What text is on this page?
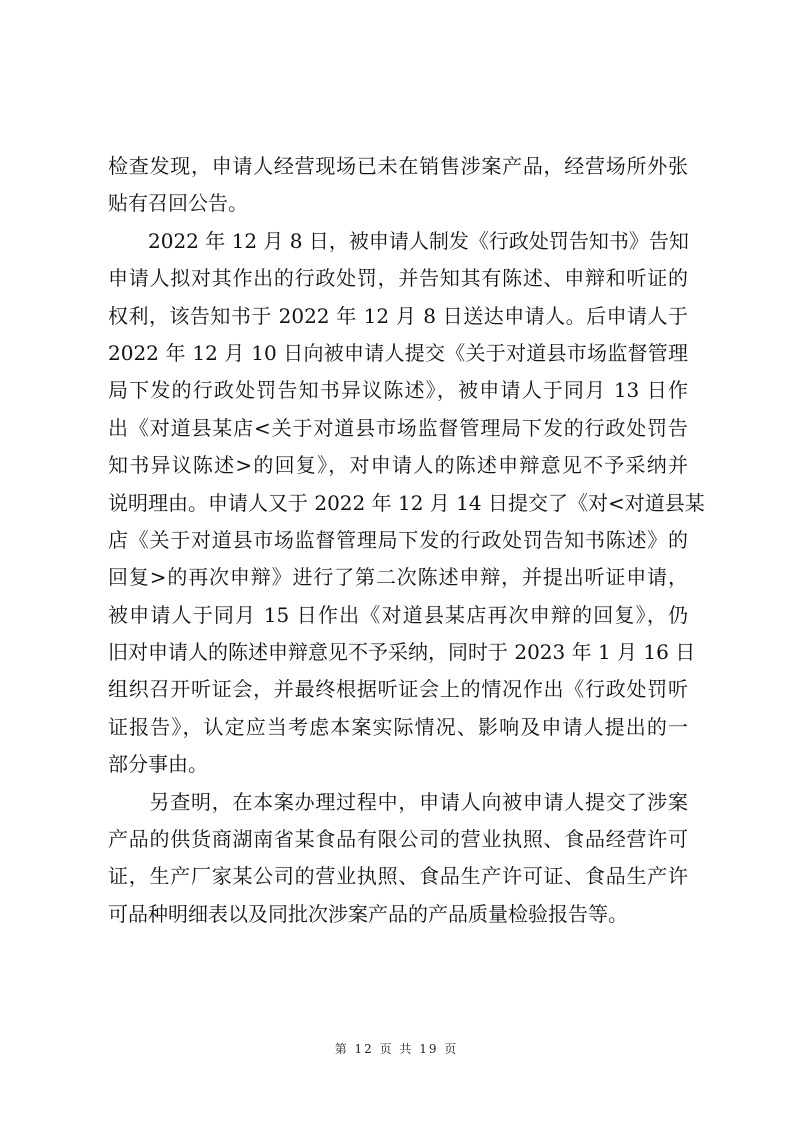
检查发现，申请人经营现场已未在销售涉案产品，经营场所外张
贴有召回公告。
　　2022 年 12 月 8 日，被申请人制发《行政处罚告知书》告知
申请人拟对其作出的行政处罚，并告知其有陈述、申辩和听证的
权利，该告知书于 2022 年 12 月 8 日送达申请人。后申请人于
2022 年 12 月 10 日向被申请人提交《关于对道县市场监督管理
局下发的行政处罚告知书异议陈述》，被申请人于同月 13 日作
出《对道县某店<关于对道县市场监督管理局下发的行政处罚告
知书异议陈述>的回复》，对申请人的陈述申辩意见不予采纳并
说明理由。申请人又于 2022 年 12 月 14 日提交了《对<对道县某
店《关于对道县市场监督管理局下发的行政处罚告知书陈述》的
回复>的再次申辩》进行了第二次陈述申辩，并提出听证申请，
被申请人于同月 15 日作出《对道县某店再次申辩的回复》，仍
旧对申请人的陈述申辩意见不予采纳，同时于 2023 年 1 月 16 日
组织召开听证会，并最终根据听证会上的情况作出《行政处罚听
证报告》，认定应当考虑本案实际情况、影响及申请人提出的一
部分事由。
　　另查明，在本案办理过程中，申请人向被申请人提交了涉案
产品的供货商湖南省某食品有限公司的营业执照、食品经营许可
证，生产厂家某公司的营业执照、食品生产许可证、食品生产许
可品种明细表以及同批次涉案产品的产品质量检验报告等。
第 12 页 共 19 页
